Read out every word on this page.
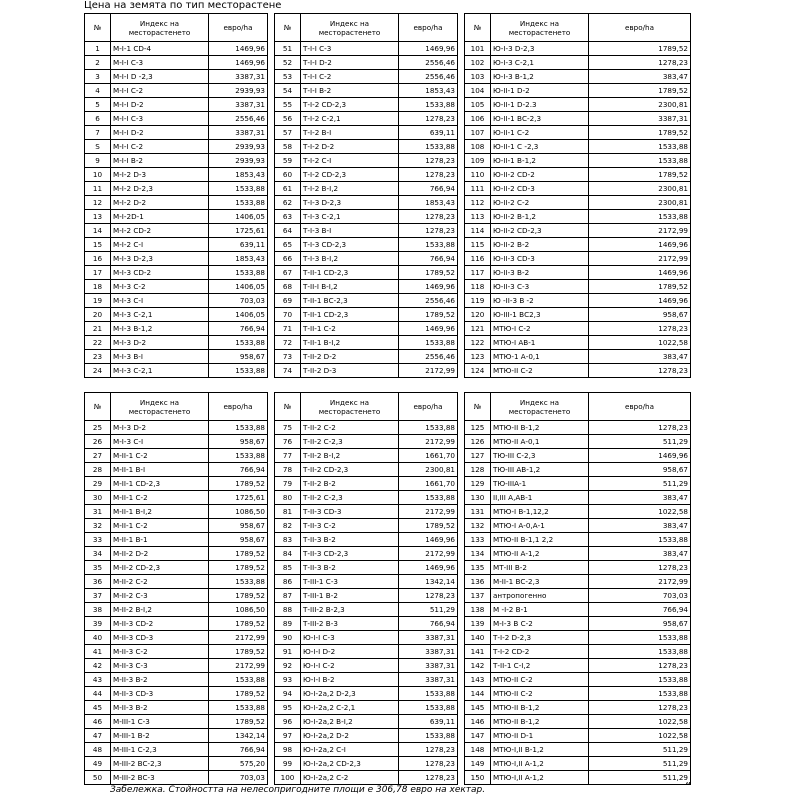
Цена на земята по тип месторастене
№	Индекс на месторастенето	евро/ha		№	Индекс на месторастенето	евро/ha		№	Индекс на месторастенето	евро/ha
1	М-I-1 CD-4	1469,96		51	Т-I-I С-3	1469,96		101	Ю-I-3 D-2,3	1789,52
2	М-I-I С-3	1469,96		52	Т-I-I D-2	2556,46		102	Ю-I-3 С-2,1	1278,23
3	М-I-I D -2,3	3387,31		53	Т-I-I С-2	2556,46		103	Ю-I-3 В-1,2	383,47
4	М-I-I С-2	2939,93		54	Т-I-I В-2	1853,43		104	Ю-II-1 D-2	1789,52
5	М-I-I D-2	3387,31		55	Т-I-2 CD-2,3	1533,88		105	Ю-II-1 D-2.3	2300,81
6	М-I-I С-3	2556,46		56	Т-I-2 С-2,1	1278,23		106	Ю-II-1 ВС-2,3	3387,31
7	М-I-I D-2	3387,31		57	Т-I-2 В-I	639,11		107	Ю-II-1 С-2	1789,52
S	М-I-I С-2	2939,93		58	Т-I-2 D-2	1533,88		108	Ю-II-1 С -2,3	1533,88
9	М-I-I В-2	2939,93		59	Т-I-2 С-I	1278,23		109	Ю-II-1 В-1,2	1533,88
10	М-I-2 D-3	1853,43		60	Т-I-2 CD-2,3	1278,23		110	Ю-II-2 CD-2	1789,52
11	М-I-2 D-2,3	1533,88		61	Т-I-2 В-I,2	766,94		111	Ю-II-2 CD-3	2300,81
12	М-I-2 D-2	1533,88		62	Т-I-3 D-2,3	1853,43		112	Ю-II-2 С-2	2300,81
13	М-I-2D-1	1406,05		63	Т-I-3 С-2,1	1278,23		113	Ю-II-2 В-1,2	1533,88
14	М-I-2 CD-2	1725,61		64	Т-I-3 В-I	1278,23		114	Ю-II-2 CD-2,3	2172,99
15	М-I-2 С-I	639,11		65	Т-I-3 CD-2,3	1533,88		115	Ю-II-2 В-2	1469,96
16	М-I-3 D-2,3	1853,43		66	Т-I-3 В-I,2	766,94		116	Ю-II-3 CD-3	2172,99
17	М-I-3 CD-2	1533,88		67	Т-II-1 CD-2,3	1789,52		117	Ю-II-3 В-2	1469,96
18	М-I-3 С-2	1406,05		68	Т-II-I В-I,2	1469,96		118	Ю-II-3 С-3	1789,52
19	М-I-3 С-I	703,03		69	Т-II-1 ВС-2,3	2556,46		119	Ю -II-3 В -2	1469,96
20	М-I-3 С-2,1	1406,05		70	Т-II-1 CD-2,3	1789,52		120	Ю-III-1 ВС2,3	958,67
21	М-I-3 В-1,2	766,94		71	Т-II-1 С-2	1469,96		121	МТЮ-I С-2	1278,23
22	М-I-3 D-2	1533,88		72	Т-II-1 В-I,2	1533,88		122	МТЮ-I АВ-1	1022,58
23	М-I-3 В-I	958,67		73	Т-II-2 D-2	2556,46		123	МТЮ-1 А-0,1	383,47
24	М-I-3 С-2,1	1533,88		74	Т-II-2 D-3	2172,99		124	МТЮ-II С-2	1278,23
№	Индекс на месторастенето	евро/ha		№	Индекс на месторастенето	евро/ha		№	Индекс на месторастенето	евро/ha
25	М-I-3 D-2	1533,88		75	Т-II-2 С-2	1533,88		125	МТЮ-II В-1,2	1278,23
26	М-I-3 С-I	958,67		76	Т-II-2 С-2,3	2172,99		126	МТЮ-II А-0,1	511,29
27	М-II-1 С-2	1533,88		77	Т-II-2 В-I,2	1661,70		127	ТЮ-III С-2,3	1469,96
28	М-II-1 В-I	766,94		78	Т-II-2 CD-2,3	2300,81		128	ТЮ-III АВ-1,2	958,67
29	М-II-1 CD-2,3	1789,52		79	Т-II-2 В-2	1661,70		129	ТЮ-IIIА-1	511,29
30	М-II-1 С-2	1725,61		80	Т-II-2 С-2,3	1533,88		130	II,III А,АВ-1	383,47
31	М-II-1 В-I,2	1086,50		81	Т-II-3 CD-3	2172,99		131	МТЮ-I В-1,12,2	1022,58
32	М-II-1 С-2	958,67		82	Т-II-3 С-2	1789,52		132	МТЮ-I А-0,А-1	383,47
33	М-II-1 В-1	958,67		83	Т-II-3 В-2	1469,96		133	МТЮ-II В-1,1 2,2	1533,88
34	М-II-2 D-2	1789,52		84	Т-II-3 CD-2,3	2172,99		134	МТЮ-II А-1,2	383,47
35	М-II-2 CD-2,3	1789,52		85	Т-II-3 В-2	1469,96		135	МТ-III В-2	1278,23
36	М-II-2 С-2	1533,88		86	Т-III-1 С-3	1342,14		136	М-II-1 ВС-2,3	2172,99
37	М-II-2 С-3	1789,52		87	Т-III-1 В-2	1278,23		137	антропогенно	703,03
38	М-II-2 В-I,2	1086,50		88	Т-III-2 В-2,3	511,29		138	М -I-2 В-1	766,94
39	М-II-3 CD-2	1789,52		89	Т-III-2 В-3	766,94		139	М-I-3 В С-2	958,67
40	М-II-3 CD-3	2172,99		90	Ю-I-I С-3	3387,31		140	Т-I-2 D-2,3	1533,88
41	М-II-3 С-2	1789,52		91	Ю-I-I D-2	3387,31		141	Т-I-2 CD-2	1533,88
42	М-II-3 С-3	2172,99		92	Ю-I-I С-2	3387,31		142	Т-II-1 С-I,2	1278,23
43	М-II-3 В-2	1533,88		93	Ю-I-I В-2	3387,31		143	МТЮ-II С-2	1533,88
44	М-II-3 CD-3	1789,52		94	Ю-I-2а,2 D-2,3	1533,88		144	МТЮ-II С-2	1533,88
45	М-II-3 В-2	1533,88		95	Ю-I-2а,2 С-2,1	1533,88		145	МТЮ-II В-1,2	1278,23
46	М-III-1 С-3	1789,52		96	Ю-I-2а,2 В-I,2	639,11		146	МТЮ-II В-1,2	1022,58
47	М-III-1 В-2	1342,14		97	Ю-I-2а,2 D-2	1533,88		147	МТЮ-II D-1	1022,58
48	М-III-1 С-2,3	766,94		98	Ю-I-2а,2 С-I	1278,23		148	МТЮ-I,II В-1,2	511,29
49	М-III-2 ВС-2,3	575,20		99	Ю-I-2а,2 CD-2,3	1278,23		149	МТЮ-I,II А-1,2	511,29
50	М-III-2 ВС-3	703,03		100	Ю-I-2а,2 С-2	1278,23		150	МТЮ-I,II А-1,2	511,29
Забележка. Стойността на нелесопригодните площи е 306,78 евро на хектар.	“
